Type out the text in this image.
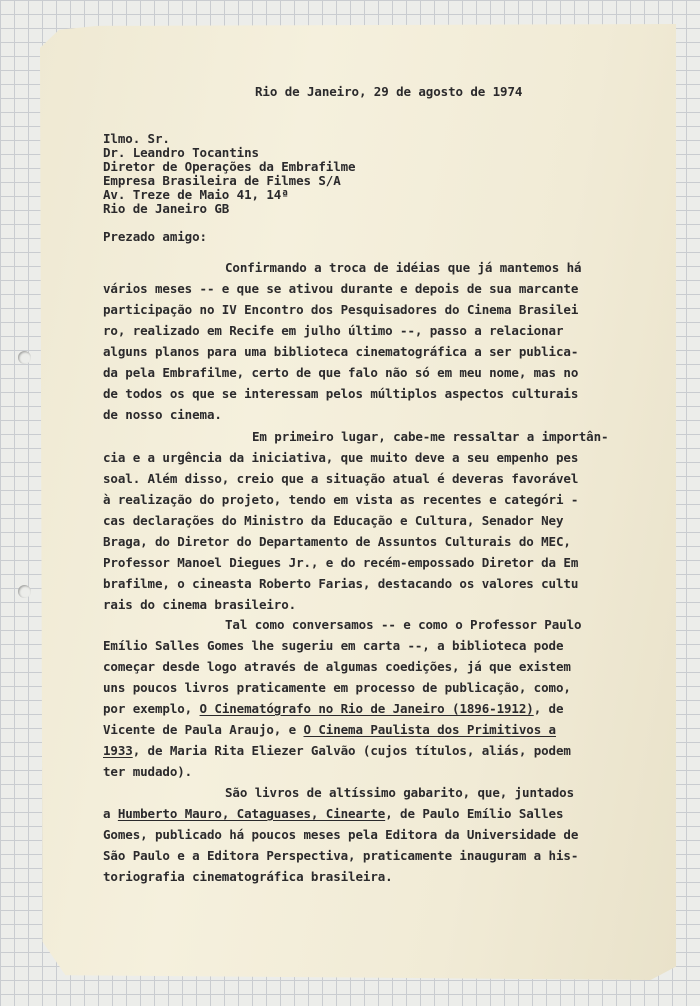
Rio de Janeiro, 29 de agosto de 1974
Ilmo. Sr.
Dr. Leandro Tocantins
Diretor de Operações da Embrafilme
Empresa Brasileira de Filmes S/A
Av. Treze de Maio 41, 14ª
Rio de Janeiro GB
Prezado amigo:
Confirmando a troca de idéias que já mantemos há
vários meses -- e que se ativou durante e depois de sua marcante
participação no IV Encontro dos Pesquisadores do Cinema Brasilei
ro, realizado em Recife em julho último --, passo a relacionar
alguns planos para uma biblioteca cinematográfica a ser publica-
da pela Embrafilme, certo de que falo não só em meu nome, mas no
de todos os que se interessam pelos múltiplos aspectos culturais
de nosso cinema.
Em primeiro lugar, cabe-me ressaltar a importân-
cia e a urgência da iniciativa, que muito deve a seu empenho pes
soal. Além disso, creio que a situação atual é deveras favorável
à realização do projeto, tendo em vista as recentes e categóri -
cas declarações do Ministro da Educação e Cultura, Senador Ney
Braga, do Diretor do Departamento de Assuntos Culturais do MEC,
Professor Manoel Diegues Jr., e do recém-empossado Diretor da Em
brafilme, o cineasta Roberto Farias, destacando os valores cultu
rais do cinema brasileiro.
Tal como conversamos -- e como o Professor Paulo
Emílio Salles Gomes lhe sugeriu em carta --, a biblioteca pode
começar desde logo através de algumas coedições, já que existem
uns poucos livros praticamente em processo de publicação, como,
por exemplo, O Cinematógrafo no Rio de Janeiro (1896-1912), de
Vicente de Paula Araujo, e O Cinema Paulista dos Primitivos a
1933, de Maria Rita Eliezer Galvão (cujos títulos, aliás, podem
ter mudado).
São livros de altíssimo gabarito, que, juntados
a Humberto Mauro, Cataguases, Cinearte, de Paulo Emílio Salles
Gomes, publicado há poucos meses pela Editora da Universidade de
São Paulo e a Editora Perspectiva, praticamente inauguram a his-
toriografia cinematográfica brasileira.
